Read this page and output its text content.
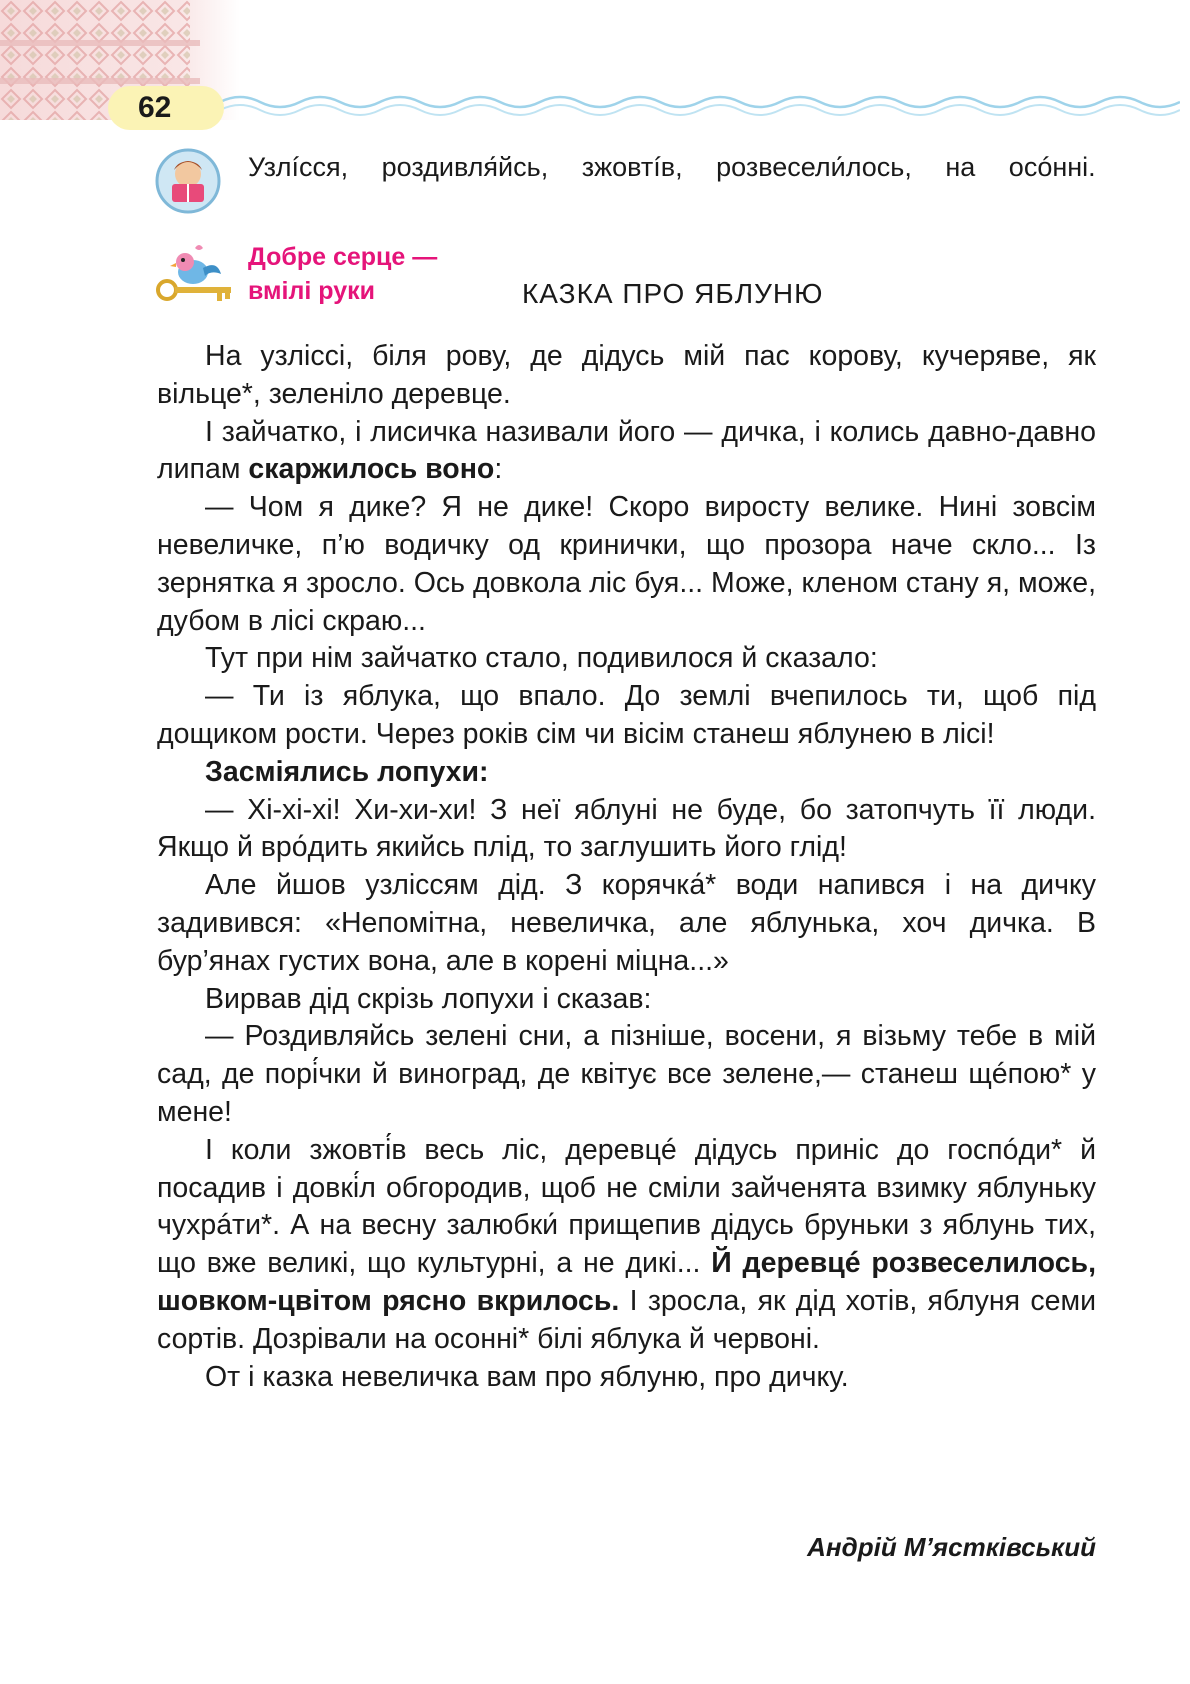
62
Узлíсся, роздивля́йсь, зжовтíв, розвесели́лось, на осóнні.
Добре серце —
вмілі руки	КАЗКА ПРО ЯБЛУНЮ

На узліссі, біля рову, де дідусь мій пас корову, кучеряве, як вільце*, зеленіло деревце.

І зайчатко, і лисичка називали його — дичка, і колись давно-давно липам скаржилось воно:

— Чом я дике? Я не дике! Скоро виросту велике. Нині зовсім невеличке, п’ю водичку од кринички, що прозора наче скло... Із зернятка я зросло. Ось довкола ліс буя... Може, кленом стану я, може, дубом в лісі скраю...

Тут при нім зайчатко стало, подивилося й сказало:

— Ти із яблука, що впало. До землі вчепилось ти, щоб під дощиком рости. Через років сім чи вісім станеш яблунею в лісі!

Засміялись лопухи:

— Хі-хі-хі! Хи-хи-хи! З неї яблуні не буде, бо затопчуть її люди. Якщо й вро́дить якийсь плід, то заглушить його глід!

Але йшов узліссям дід. З корячка́* води напився і на дичку задивився: «Непомітна, невеличка, але яблунька, хоч дичка. В бур’янах густих вона, але в корені міцна...»

Вирвав дід скрізь лопухи і сказав:

— Роздивляйсь зелені сни, а пізніше, восени, я візьму тебе в мій сад, де порі́чки й виноград, де квітує все зелене,— станеш щéпою* у мене!

І коли зжовті́в весь ліс, деревцé дідусь приніс до госпóди* й посадив і довкі́л обгородив, щоб не сміли зайченята взимку яблуньку чухрáти*. А на весну залюбки́ прищепив дідусь бруньки з яблунь тих, що вже великі, що культурні, а не дикі... Й деревцé розвеселилось, шовком-цвітом рясно вкрилось. І зросла, як дід хотів, яблуня семи сортів. Дозрівали на осонні* білі яблука й червоні.

От і казка невеличка вам про яблуню, про дичку.

Андрій М’ястківський
